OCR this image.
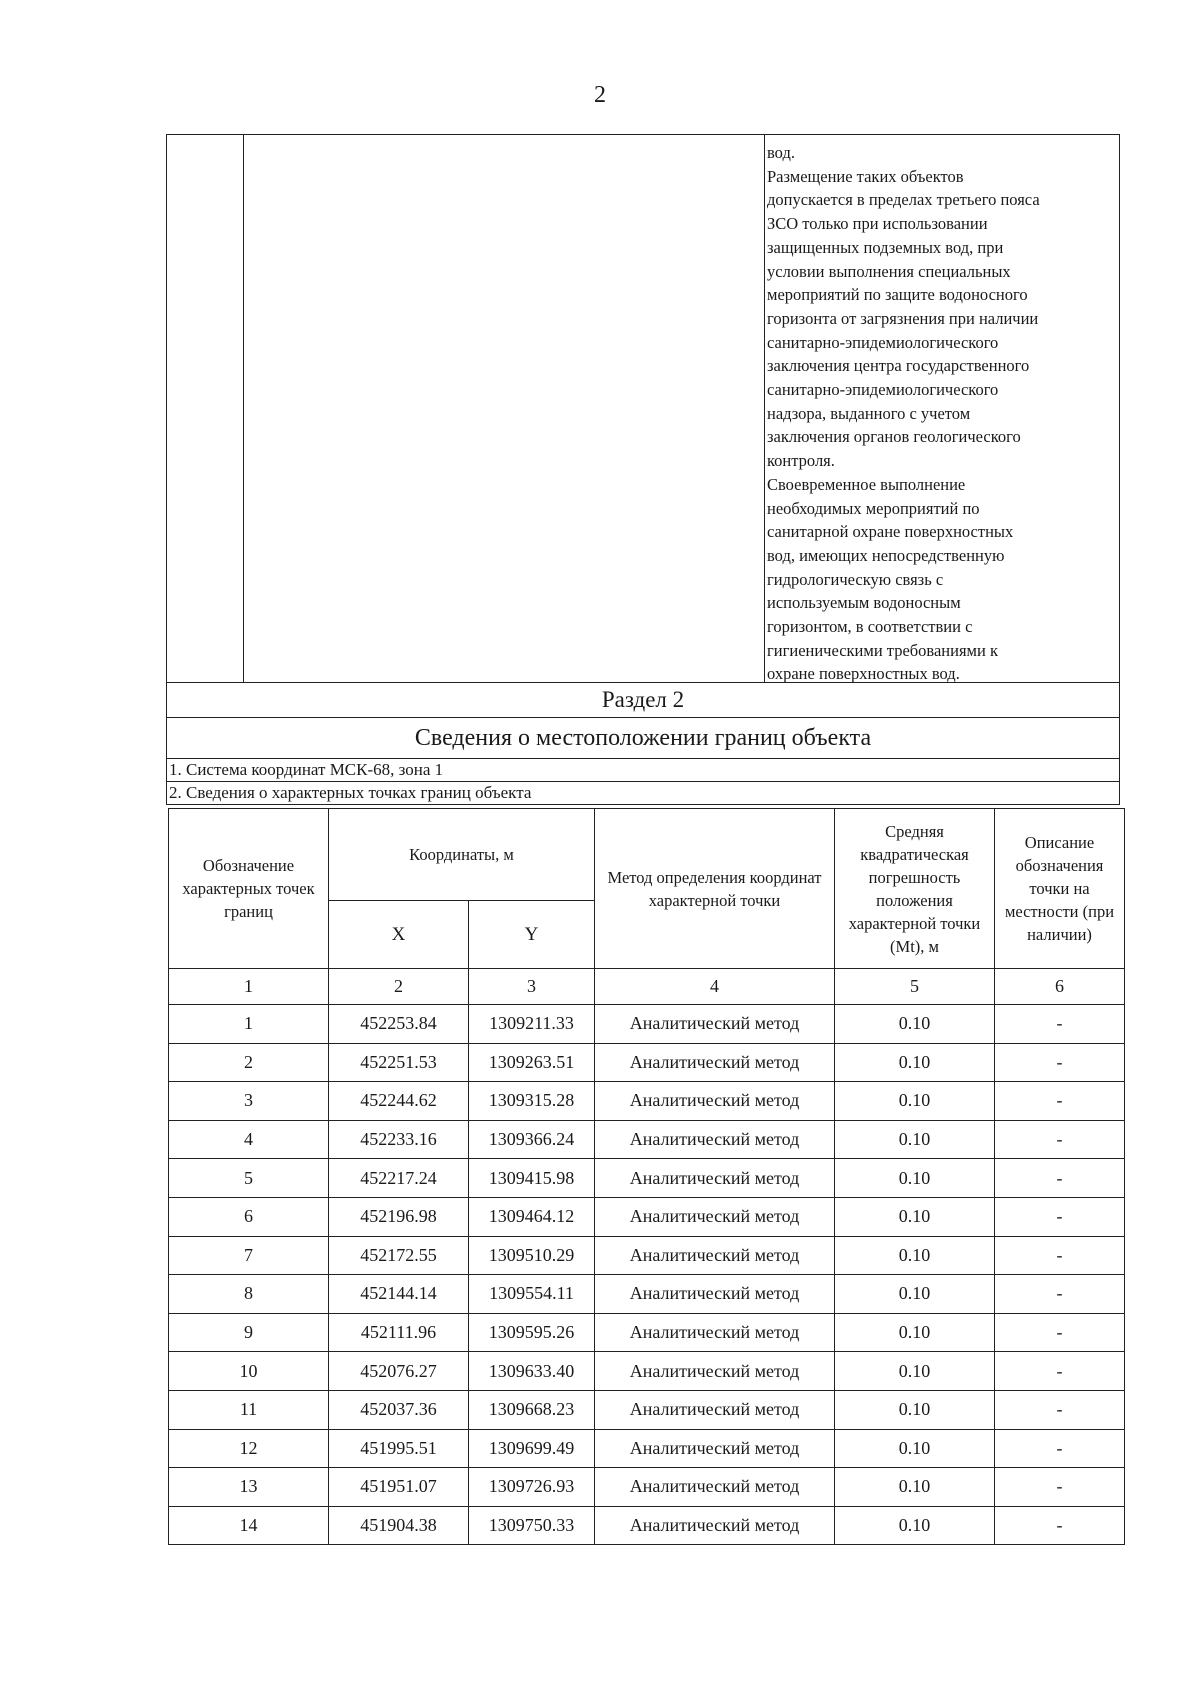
2

вод.

Размещение таких объектов

допускается в пределах третьего пояса

ЗСО только при использовании

защищенных подземных вод, при

условии выполнения специальных

мероприятий по защите водоносного

горизонта от загрязнения при наличии

санитарно-эпидемиологического

заключения центра государственного

санитарно-эпидемиологического

надзора, выданного с учетом

заключения органов геологического

контроля.

Своевременное выполнение

необходимых мероприятий по

санитарной охране поверхностных

вод, имеющих непосредственную

гидрологическую связь с

используемым водоносным

горизонтом, в соответствии с

гигиеническими требованиями к

охране поверхностных вод.

Раздел 2
Сведения о местоположении границ объекта
1. Система координат МСК-68, зона 1
2. Сведения о характерных точках границ объекта
Обозначение характерных точек границ	Координаты, м		Метод определения координат характерной точки	Средняя квадратическая погрешность положения характерной точки (Mt), м	Описание обозначения точки на местности (при наличии)
	X	Y			
1	2	3	4	5	6
1	452253.84	1309211.33	Аналитический метод	0.10	-
2	452251.53	1309263.51	Аналитический метод	0.10	-
3	452244.62	1309315.28	Аналитический метод	0.10	-
4	452233.16	1309366.24	Аналитический метод	0.10	-
5	452217.24	1309415.98	Аналитический метод	0.10	-
6	452196.98	1309464.12	Аналитический метод	0.10	-
7	452172.55	1309510.29	Аналитический метод	0.10	-
8	452144.14	1309554.11	Аналитический метод	0.10	-
9	452111.96	1309595.26	Аналитический метод	0.10	-
10	452076.27	1309633.40	Аналитический метод	0.10	-
11	452037.36	1309668.23	Аналитический метод	0.10	-
12	451995.51	1309699.49	Аналитический метод	0.10	-
13	451951.07	1309726.93	Аналитический метод	0.10	-
14	451904.38	1309750.33	Аналитический метод	0.10	-
